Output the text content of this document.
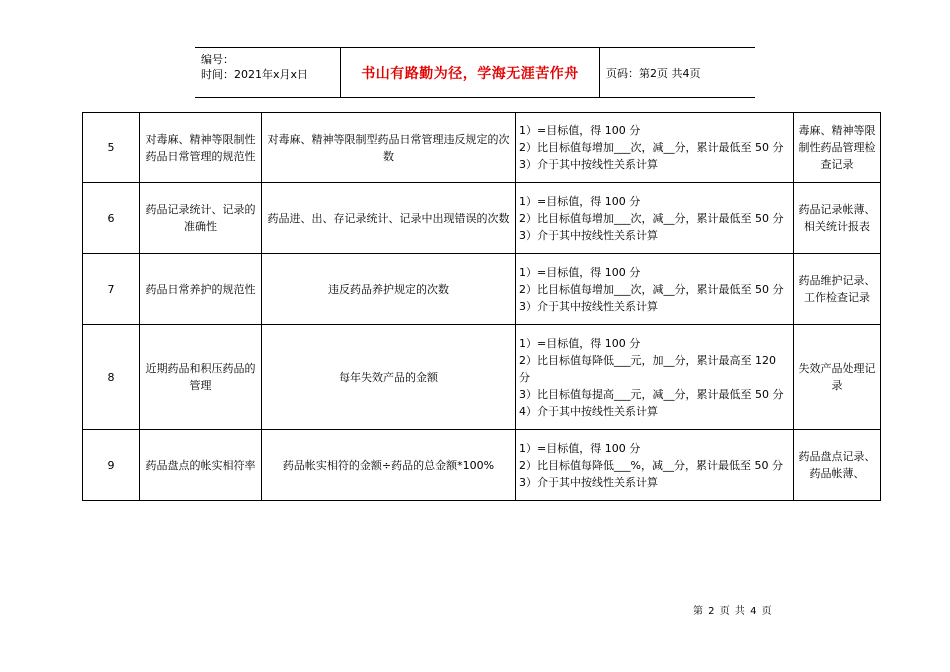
编号：
时间：2021年x月x日	书山有路勤为径，学海无涯苦作舟 页码：第2页 共4页
5	对毒麻、精神等限制性药品日常管理的规范性	对毒麻、精神等限制型药品日常管理违反规定的次数	1）=目标值，得 100 分
2）比目标值每增加___次，减__分，累计最低至 50 分
3）介于其中按线性关系计算	毒麻、精神等限制性药品管理检查记录
6	药品记录统计、记录的准确性	药品进、出、存记录统计、记录中出现错误的次数	1）=目标值，得 100 分
2）比目标值每增加___次，减__分，累计最低至 50 分
3）介于其中按线性关系计算	药品记录帐薄、相关统计报表
7	药品日常养护的规范性	违反药品养护规定的次数	1）=目标值，得 100 分
2）比目标值每增加___次，减__分，累计最低至 50 分
3）介于其中按线性关系计算	药品维护记录、工作检查记录
8	近期药品和积压药品的管理	每年失效产品的金额	1）=目标值，得 100 分
2）比目标值每降低___元，加__分，累计最高至 120 分
3）比目标值每提高___元，减__分，累计最低至 50 分
4）介于其中按线性关系计算	失效产品处理记录
9	药品盘点的帐实相符率	药品帐实相符的金额÷药品的总金额*100%	1）=目标值，得 100 分
2）比目标值每降低___%，减__分，累计最低至 50 分
3）介于其中按线性关系计算	药品盘点记录、药品帐薄、
第 2 页 共 4 页
